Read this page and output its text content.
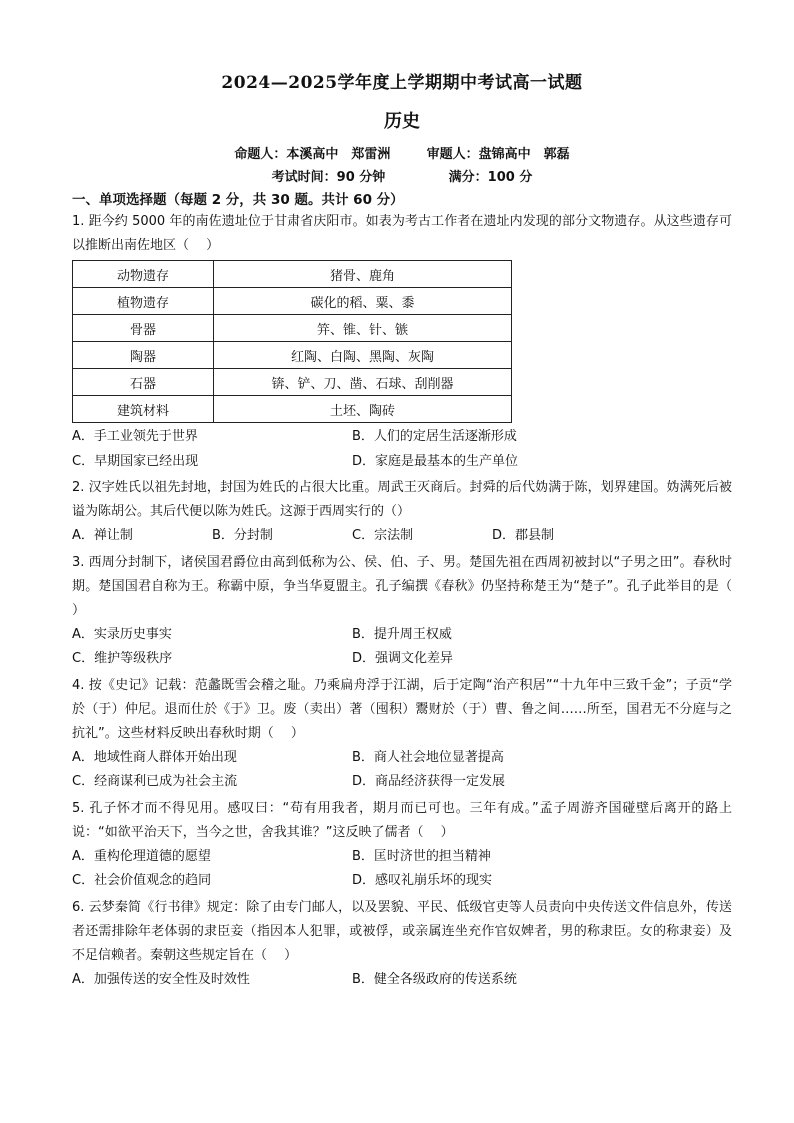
2024—2025学年度上学期期中考试高一试题
历史
命题人：本溪高中　郑雷洲	审题人：盘锦高中　郭磊
考试时间：90 分钟	满分：100 分
一、单项选择题（每题 2 分，共 30 题。共计 60 分）
1. 距今约 5000 年的南佐遗址位于甘肃省庆阳市。如表为考古工作者在遗址内发现的部分文物遗存。从这些遗存可以推断出南佐地区（　 ）
动物遗存	猪骨、鹿角
植物遗存	碳化的稻、粟、黍
骨器	笄、锥、针、镞
陶器	红陶、白陶、黑陶、灰陶
石器	锛、铲、刀、凿、石球、刮削器
建筑材料	土坯、陶砖
A．手工业领先于世界	B．人们的定居生活逐渐形成
C．早期国家已经出现	D．家庭是最基本的生产单位
2. 汉字姓氏以祖先封地，封国为姓氏的占很大比重。周武王灭商后。封舜的后代妫满于陈，划界建国。妫满死后被谥为陈胡公。其后代便以陈为姓氏。这源于西周实行的（）
A．禅让制	B．分封制	C．宗法制	D．郡县制
3. 西周分封制下，诸侯国君爵位由高到低称为公、侯、伯、子、男。楚国先祖在西周初被封以“子男之田”。春秋时期。楚国国君自称为王。称霸中原，争当华夏盟主。孔子编撰《春秋》仍坚持称楚王为“楚子”。孔子此举目的是（　 ）
A．实录历史事实	B．提升周王权威
C．维护等级秩序	D．强调文化差异
4. 按《史记》记载：范蠡既雪会稽之耻。乃乘扁舟浮于江湖，后于定陶“治产积居”“十九年中三致千金”；子贡“学於（于）仲尼。退而仕於《于》卫。废（卖出）著（囤积）鬻财於（于）曹、鲁之间……所至，国君无不分庭与之抗礼”。这些材料反映出春秋时期（　 ）
A．地域性商人群体开始出现	B．商人社会地位显著提高
C．经商谋利已成为社会主流	D．商品经济获得一定发展
5. 孔子怀才而不得见用。感叹曰：“苟有用我者，期月而已可也。三年有成。”孟子周游齐国碰壁后离开的路上说：“如欲平治天下，当今之世，舍我其谁？”这反映了儒者（　 ）
A．重构伦理道德的愿望	B．匡时济世的担当精神
C．社会价值观念的趋同	D．感叹礼崩乐坏的现实
6. 云梦秦简《行书律》规定：除了由专门邮人，以及罢貌、平民、低级官吏等人员责向中央传送文件信息外，传送者还需排除年老体弱的隶臣妾（指因本人犯罪，或被俘，或亲属连坐充作官奴婢者，男的称隶臣。女的称隶妾）及不足信赖者。秦朝这些规定旨在（　 ）
A．加强传送的安全性及时效性	B．健全各级政府的传送系统
